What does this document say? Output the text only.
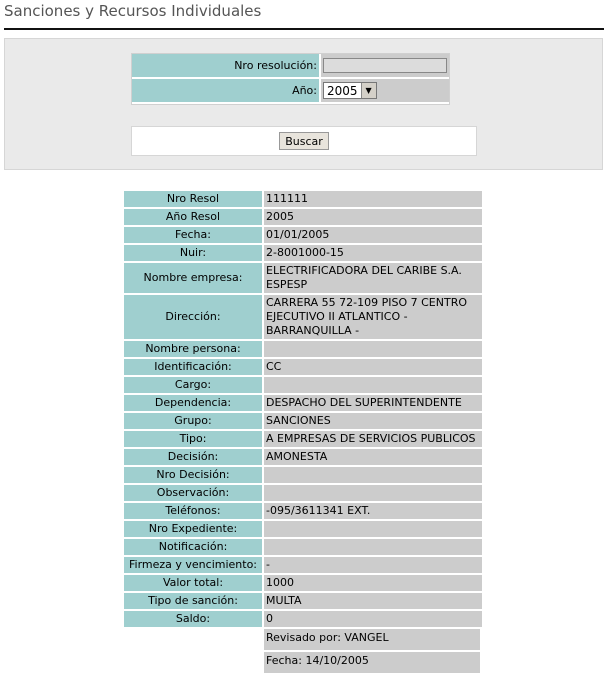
Sanciones y Recursos Individuales
Nro resolución:	
Año:	2005 ▼
Buscar
Nro Resol	111111
Año Resol	2005
Fecha:	01/01/2005
Nuir:	2-8001000-15
Nombre empresa:
ELECTRIFICADORA DEL CARIBE S.A. ESPESP
Dirección:
CARRERA 55 72-109 PISO 7 CENTRO EJECUTIVO II ATLANTICO - BARRANQUILLA -
Nombre persona:
Identificación:	CC
Cargo:
Dependencia:	DESPACHO DEL SUPERINTENDENTE
Grupo:	SANCIONES
Tipo:	A EMPRESAS DE SERVICIOS PUBLICOS
Decisión:	AMONESTA
Nro Decisión:
Observación:
Teléfonos:	-095/3611341 EXT.
Nro Expediente:
Notificación:
Firmeza y vencimiento: -
Valor total:	1000
Tipo de sanción:	MULTA
Saldo:	0
Revisado por: VANGEL
Fecha: 14/10/2005
